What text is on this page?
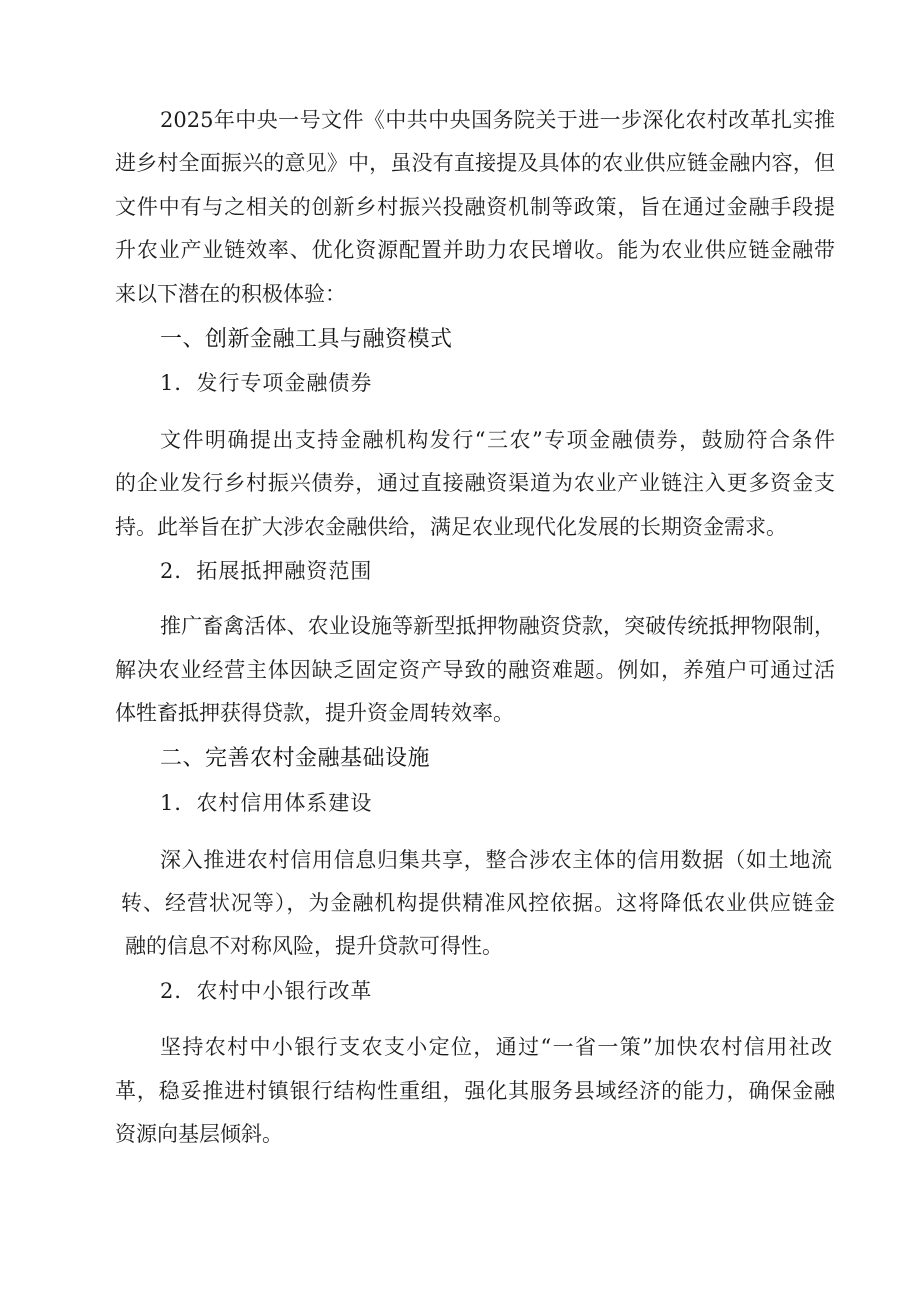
2025年中央一号文件《中共中央国务院关于进一步深化农村改革扎实推
进乡村全面振兴的意见》中，虽没有直接提及具体的农业供应链金融内容，但
文件中有与之相关的创新乡村振兴投融资机制等政策，旨在通过金融手段提
升农业产业链效率、优化资源配置并助力农民增收。能为农业供应链金融带
来以下潜在的积极体验：
一、创新金融工具与融资模式
1．发行专项金融债券
文件明确提出支持金融机构发行“三农”专项金融债券，鼓励符合条件
的企业发行乡村振兴债券，通过直接融资渠道为农业产业链注入更多资金支
持。此举旨在扩大涉农金融供给，满足农业现代化发展的长期资金需求。
2．拓展抵押融资范围
推广畜禽活体、农业设施等新型抵押物融资贷款，突破传统抵押物限制，
解决农业经营主体因缺乏固定资产导致的融资难题。例如，养殖户可通过活
体牲畜抵押获得贷款，提升资金周转效率。
二、完善农村金融基础设施
1．农村信用体系建设
深入推进农村信用信息归集共享，整合涉农主体的信用数据（如土地流
转、经营状况等），为金融机构提供精准风控依据。这将降低农业供应链金
融的信息不对称风险，提升贷款可得性。
2．农村中小银行改革
坚持农村中小银行支农支小定位，通过“一省一策”加快农村信用社改
革，稳妥推进村镇银行结构性重组，强化其服务县域经济的能力，确保金融
资源向基层倾斜。
